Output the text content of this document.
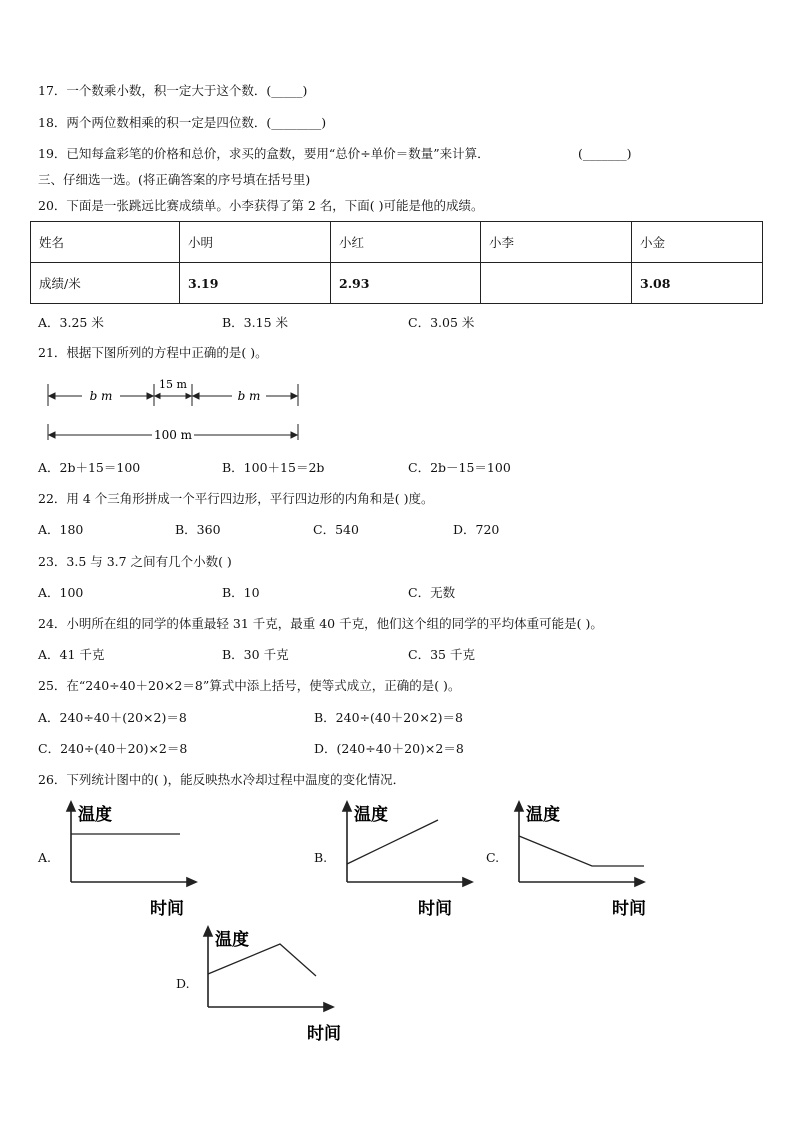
17．一个数乘小数，积一定大于这个数．(_____)
18．两个两位数相乘的积一定是四位数．(________)
19．已知每盒彩笔的价格和总价，求买的盒数，要用“总价÷单价＝数量”来计算．	(_______)
三、仔细选一选。(将正确答案的序号填在括号里)
20．下面是一张跳远比赛成绩单。小李获得了第 2 名，下面( )可能是他的成绩。
姓名	小明	小红	小李	小金
成绩/米	3.19	2.93		3.08
A．3.25 米	B．3.15 米	C．3.05 米
21．根据下图所列的方程中正确的是( )。
b m
15 m
b m
100 m
A．2b＋15＝100	B．100＋15＝2b	C．2b－15＝100
22．用 4 个三角形拼成一个平行四边形，平行四边形的内角和是( )度。
A．180	B．360	C．540	D．720
23．3.5 与 3.7 之间有几个小数( )
A．100	B．10	C．无数
24．小明所在组的同学的体重最轻 31 千克，最重 40 千克，他们这个组的同学的平均体重可能是( )。
A．41 千克	B．30 千克	C．35 千克
25．在“240÷40＋20×2＝8”算式中添上括号，使等式成立，正确的是( )。
A．240÷40＋(20×2)＝8	B．240÷(40＋20×2)＝8
C．240÷(40＋20)×2＝8	D．(240÷40＋20)×2＝8
26．下列统计图中的( )，能反映热水冷却过程中温度的变化情况．
A.
温度
时间
B.
温度
时间
C.
温度
时间
D.
温度
时间
